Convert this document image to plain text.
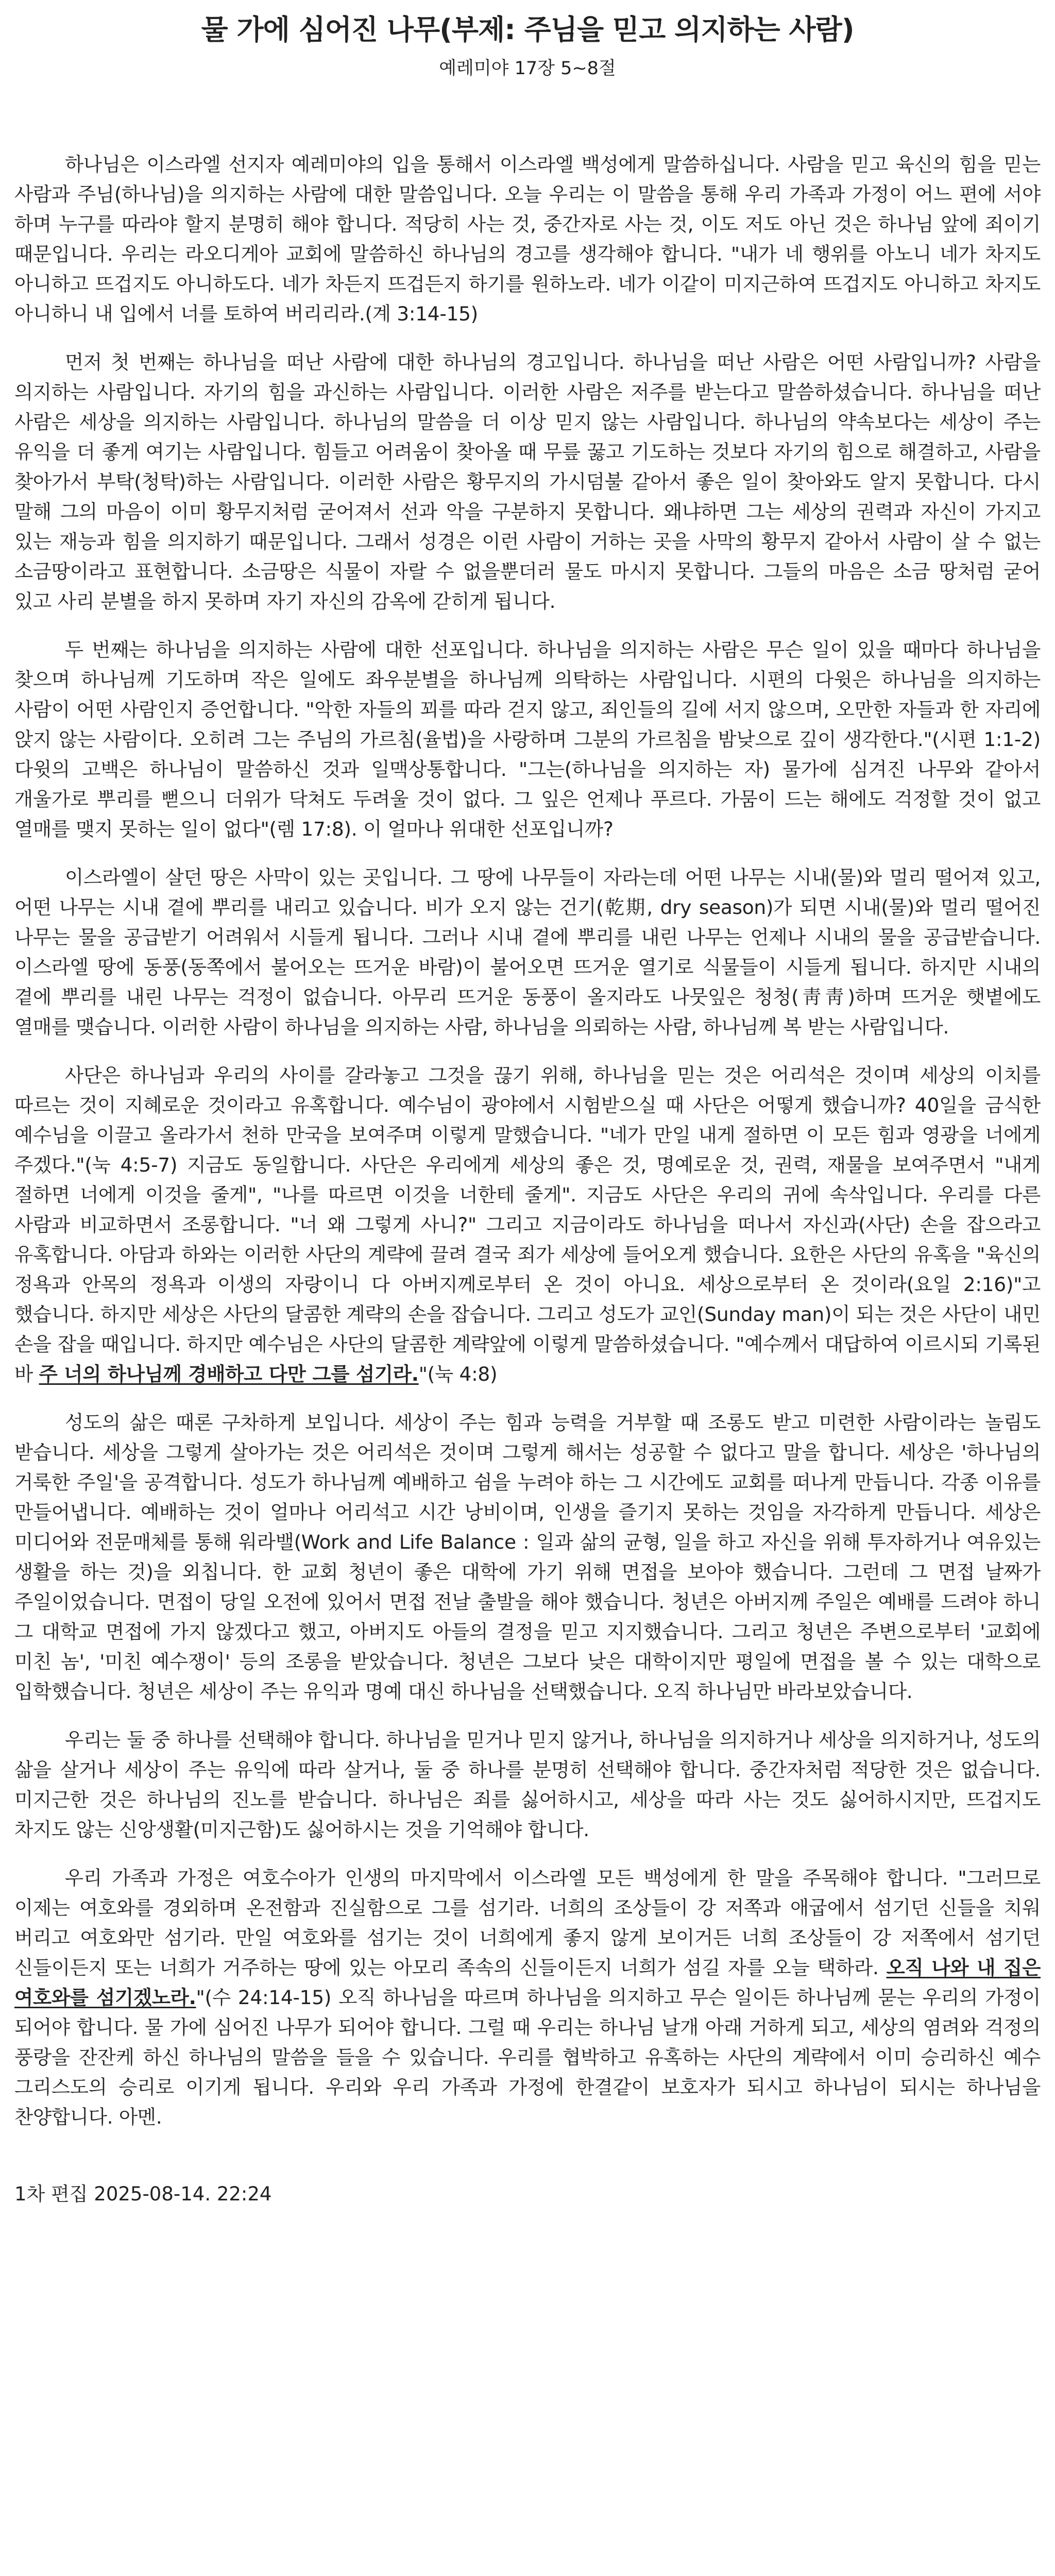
물 가에 심어진 나무(부제: 주님을 믿고 의지하는 사람)
예레미야 17장 5~8절

하나님은 이스라엘 선지자 예레미야의 입을 통해서 이스라엘 백성에게 말씀하십니다. 사람을 믿고 육신의 힘을 믿는 사람과 주님(하나님)을 의지하는 사람에 대한 말씀입니다. 오늘 우리는 이 말씀을 통해 우리 가족과 가정이 어느 편에 서야 하며 누구를 따라야 할지 분명히 해야 합니다. 적당히 사는 것, 중간자로 사는 것, 이도 저도 아닌 것은 하나님 앞에 죄이기 때문입니다. 우리는 라오디게아 교회에 말씀하신 하나님의 경고를 생각해야 합니다. "내가 네 행위를 아노니 네가 차지도 아니하고 뜨겁지도 아니하도다. 네가 차든지 뜨겁든지 하기를 원하노라. 네가 이같이 미지근하여 뜨겁지도 아니하고 차지도 아니하니 내 입에서 너를 토하여 버리리라.(계 3:14-15)

먼저 첫 번째는 하나님을 떠난 사람에 대한 하나님의 경고입니다. 하나님을 떠난 사람은 어떤 사람입니까? 사람을 의지하는 사람입니다. 자기의 힘을 과신하는 사람입니다. 이러한 사람은 저주를 받는다고 말씀하셨습니다. 하나님을 떠난 사람은 세상을 의지하는 사람입니다. 하나님의 말씀을 더 이상 믿지 않는 사람입니다. 하나님의 약속보다는 세상이 주는 유익을 더 좋게 여기는 사람입니다. 힘들고 어려움이 찾아올 때 무릎 꿇고 기도하는 것보다 자기의 힘으로 해결하고, 사람을 찾아가서 부탁(청탁)하는 사람입니다. 이러한 사람은 황무지의 가시덤불 같아서 좋은 일이 찾아와도 알지 못합니다. 다시 말해 그의 마음이 이미 황무지처럼 굳어져서 선과 악을 구분하지 못합니다. 왜냐하면 그는 세상의 권력과 자신이 가지고 있는 재능과 힘을 의지하기 때문입니다. 그래서 성경은 이런 사람이 거하는 곳을 사막의 황무지 같아서 사람이 살 수 없는 소금땅이라고 표현합니다. 소금땅은 식물이 자랄 수 없을뿐더러 물도 마시지 못합니다. 그들의 마음은 소금 땅처럼 굳어 있고 사리 분별을 하지 못하며 자기 자신의 감옥에 갇히게 됩니다.

두 번째는 하나님을 의지하는 사람에 대한 선포입니다. 하나님을 의지하는 사람은 무슨 일이 있을 때마다 하나님을 찾으며 하나님께 기도하며 작은 일에도 좌우분별을 하나님께 의탁하는 사람입니다. 시편의 다윗은 하나님을 의지하는 사람이 어떤 사람인지 증언합니다. "악한 자들의 꾀를 따라 걷지 않고, 죄인들의 길에 서지 않으며, 오만한 자들과 한 자리에 앉지 않는 사람이다. 오히려 그는 주님의 가르침(율법)을 사랑하며 그분의 가르침을 밤낮으로 깊이 생각한다."(시편 1:1-2) 다윗의 고백은 하나님이 말씀하신 것과 일맥상통합니다. "그는(하나님을 의지하는 자) 물가에 심겨진 나무와 같아서 개울가로 뿌리를 뻗으니 더위가 닥쳐도 두려울 것이 없다. 그 잎은 언제나 푸르다. 가뭄이 드는 해에도 걱정할 것이 없고 열매를 맺지 못하는 일이 없다"(렘 17:8). 이 얼마나 위대한 선포입니까?

이스라엘이 살던 땅은 사막이 있는 곳입니다. 그 땅에 나무들이 자라는데 어떤 나무는 시내(물)와 멀리 떨어져 있고, 어떤 나무는 시내 곁에 뿌리를 내리고 있습니다. 비가 오지 않는 건기(乾期, dry season)가 되면 시내(물)와 멀리 떨어진 나무는 물을 공급받기 어려워서 시들게 됩니다. 그러나 시내 곁에 뿌리를 내린 나무는 언제나 시내의 물을 공급받습니다. 이스라엘 땅에 동풍(동쪽에서 불어오는 뜨거운 바람)이 불어오면 뜨거운 열기로 식물들이 시들게 됩니다. 하지만 시내의 곁에 뿌리를 내린 나무는 걱정이 없습니다. 아무리 뜨거운 동풍이 올지라도 나뭇잎은 청청(靑靑)하며 뜨거운 햇볕에도 열매를 맺습니다. 이러한 사람이 하나님을 의지하는 사람, 하나님을 의뢰하는 사람, 하나님께 복 받는 사람입니다.

사단은 하나님과 우리의 사이를 갈라놓고 그것을 끊기 위해, 하나님을 믿는 것은 어리석은 것이며 세상의 이치를 따르는 것이 지혜로운 것이라고 유혹합니다. 예수님이 광야에서 시험받으실 때 사단은 어떻게 했습니까? 40일을 금식한 예수님을 이끌고 올라가서 천하 만국을 보여주며 이렇게 말했습니다. "네가 만일 내게 절하면 이 모든 힘과 영광을 너에게 주겠다."(눅 4:5-7) 지금도 동일합니다. 사단은 우리에게 세상의 좋은 것, 명예로운 것, 권력, 재물을 보여주면서 "내게 절하면 너에게 이것을 줄게", "나를 따르면 이것을 너한테 줄게". 지금도 사단은 우리의 귀에 속삭입니다. 우리를 다른 사람과 비교하면서 조롱합니다. "너 왜 그렇게 사니?" 그리고 지금이라도 하나님을 떠나서 자신과(사단) 손을 잡으라고 유혹합니다. 아담과 하와는 이러한 사단의 계략에 끌려 결국 죄가 세상에 들어오게 했습니다. 요한은 사단의 유혹을 "육신의 정욕과 안목의 정욕과 이생의 자랑이니 다 아버지께로부터 온 것이 아니요. 세상으로부터 온 것이라(요일 2:16)"고 했습니다. 하지만 세상은 사단의 달콤한 계략의 손을 잡습니다. 그리고 성도가 교인(Sunday man)이 되는 것은 사단이 내민 손을 잡을 때입니다. 하지만 예수님은 사단의 달콤한 계략앞에 이렇게 말씀하셨습니다. "예수께서 대답하여 이르시되 기록된 바 주 너의 하나님께 경배하고 다만 그를 섬기라."(눅 4:8)

성도의 삶은 때론 구차하게 보입니다. 세상이 주는 힘과 능력을 거부할 때 조롱도 받고 미련한 사람이라는 놀림도 받습니다. 세상을 그렇게 살아가는 것은 어리석은 것이며 그렇게 해서는 성공할 수 없다고 말을 합니다. 세상은 '하나님의 거룩한 주일'을 공격합니다. 성도가 하나님께 예배하고 쉼을 누려야 하는 그 시간에도 교회를 떠나게 만듭니다. 각종 이유를 만들어냅니다. 예배하는 것이 얼마나 어리석고 시간 낭비이며, 인생을 즐기지 못하는 것임을 자각하게 만듭니다. 세상은 미디어와 전문매체를 통해 워라밸(Work and Life Balance : 일과 삶의 균형, 일을 하고 자신을 위해 투자하거나 여유있는 생활을 하는 것)을 외칩니다. 한 교회 청년이 좋은 대학에 가기 위해 면접을 보아야 했습니다. 그런데 그 면접 날짜가 주일이었습니다. 면접이 당일 오전에 있어서 면접 전날 출발을 해야 했습니다. 청년은 아버지께 주일은 예배를 드려야 하니 그 대학교 면접에 가지 않겠다고 했고, 아버지도 아들의 결정을 믿고 지지했습니다. 그리고 청년은 주변으로부터 '교회에 미친 놈', '미친 예수쟁이' 등의 조롱을 받았습니다. 청년은 그보다 낮은 대학이지만 평일에 면접을 볼 수 있는 대학으로 입학했습니다. 청년은 세상이 주는 유익과 명예 대신 하나님을 선택했습니다. 오직 하나님만 바라보았습니다.

우리는 둘 중 하나를 선택해야 합니다. 하나님을 믿거나 믿지 않거나, 하나님을 의지하거나 세상을 의지하거나, 성도의 삶을 살거나 세상이 주는 유익에 따라 살거나, 둘 중 하나를 분명히 선택해야 합니다. 중간자처럼 적당한 것은 없습니다. 미지근한 것은 하나님의 진노를 받습니다. 하나님은 죄를 싫어하시고, 세상을 따라 사는 것도 싫어하시지만, 뜨겁지도 차지도 않는 신앙생활(미지근함)도 싫어하시는 것을 기억해야 합니다.

우리 가족과 가정은 여호수아가 인생의 마지막에서 이스라엘 모든 백성에게 한 말을 주목해야 합니다. "그러므로 이제는 여호와를 경외하며 온전함과 진실함으로 그를 섬기라. 너희의 조상들이 강 저쪽과 애굽에서 섬기던 신들을 치워 버리고 여호와만 섬기라. 만일 여호와를 섬기는 것이 너희에게 좋지 않게 보이거든 너희 조상들이 강 저쪽에서 섬기던 신들이든지 또는 너희가 거주하는 땅에 있는 아모리 족속의 신들이든지 너희가 섬길 자를 오늘 택하라. 오직 나와 내 집은 여호와를 섬기겠노라."(수 24:14-15) 오직 하나님을 따르며 하나님을 의지하고 무슨 일이든 하나님께 묻는 우리의 가정이 되어야 합니다. 물 가에 심어진 나무가 되어야 합니다. 그럴 때 우리는 하나님 날개 아래 거하게 되고, 세상의 염려와 걱정의 풍랑을 잔잔케 하신 하나님의 말씀을 들을 수 있습니다. 우리를 협박하고 유혹하는 사단의 계략에서 이미 승리하신 예수 그리스도의 승리로 이기게 됩니다. 우리와 우리 가족과 가정에 한결같이 보호자가 되시고 하나님이 되시는 하나님을 찬양합니다. 아멘.

1차 편집 2025-08-14. 22:24
